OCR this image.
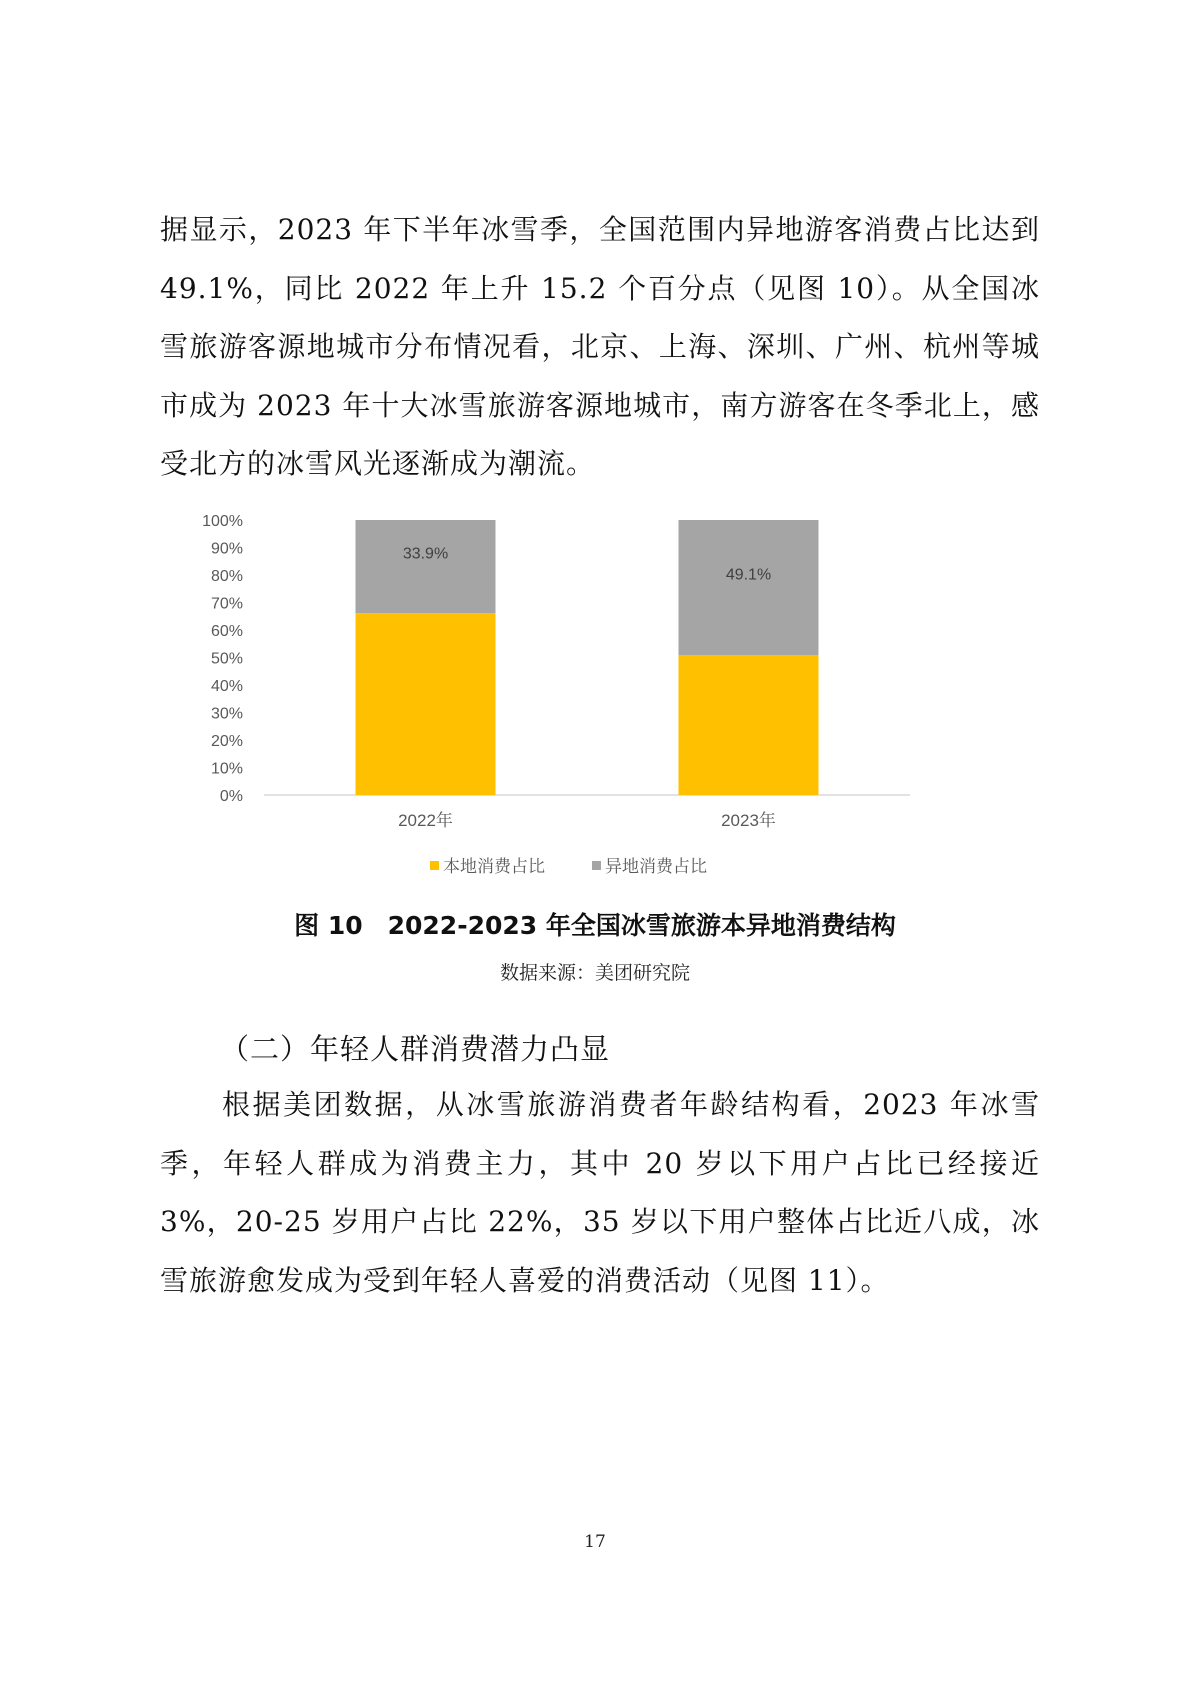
据显示，2023 年下半年冰雪季，全国范围内异地游客消费占比达到 49.1%，同比 2022 年上升 15.2 个百分点（见图 10）。从全国冰雪旅游客源地城市分布情况看，北京、上海、深圳、广州、杭州等城市成为 2023 年十大冰雪旅游客源地城市，南方游客在冬季北上，感受北方的冰雪风光逐渐成为潮流。

0%
10%
20%
30%
40%
50%
60%
70%
80%
90%
100%
33.9%
2022年
49.1%
2023年
本地消费占比	异地消费占比

图 10　2022-2023 年全国冰雪旅游本异地消费结构

数据来源：美团研究院

（二）年轻人群消费潜力凸显

根据美团数据，从冰雪旅游消费者年龄结构看，2023 年冰雪季，年轻人群成为消费主力，其中 20 岁以下用户占比已经接近 3%，20-25 岁用户占比 22%，35 岁以下用户整体占比近八成，冰雪旅游愈发成为受到年轻人喜爱的消费活动（见图 11）。

17
